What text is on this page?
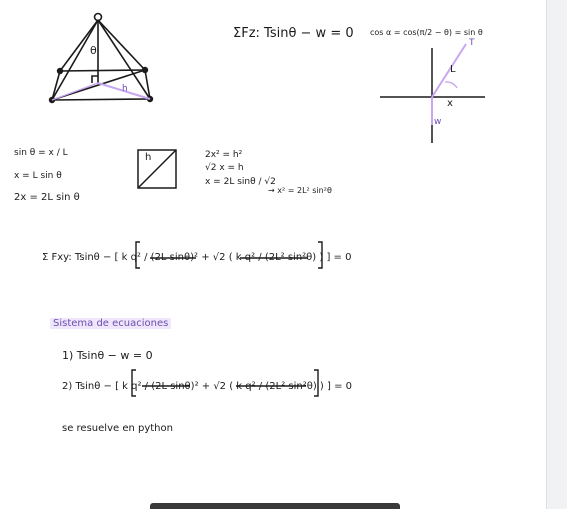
θ
h
L
x
w
T
ΣFz: Tsinθ − w = 0 cos α = cos(π/2 − θ) = sin θ
sin θ = x / L
x = L sin θ
2x = 2L sin θ
h	2x² = h²
√2 x = h
x = 2L sinθ / √2
→ x² = 2L² sin²θ
Σ Fxy: Tsinθ − [ k q² / (2L sinθ)² + √2 ( k q² / (2L² sin²θ) ) ] = 0
Sistema de ecuaciones
1) Tsinθ − w = 0
2) Tsinθ − [ k q² / (2L sinθ)² + √2 ( k q² / (2L² sin²θ) ) ] = 0
se resuelve en python
